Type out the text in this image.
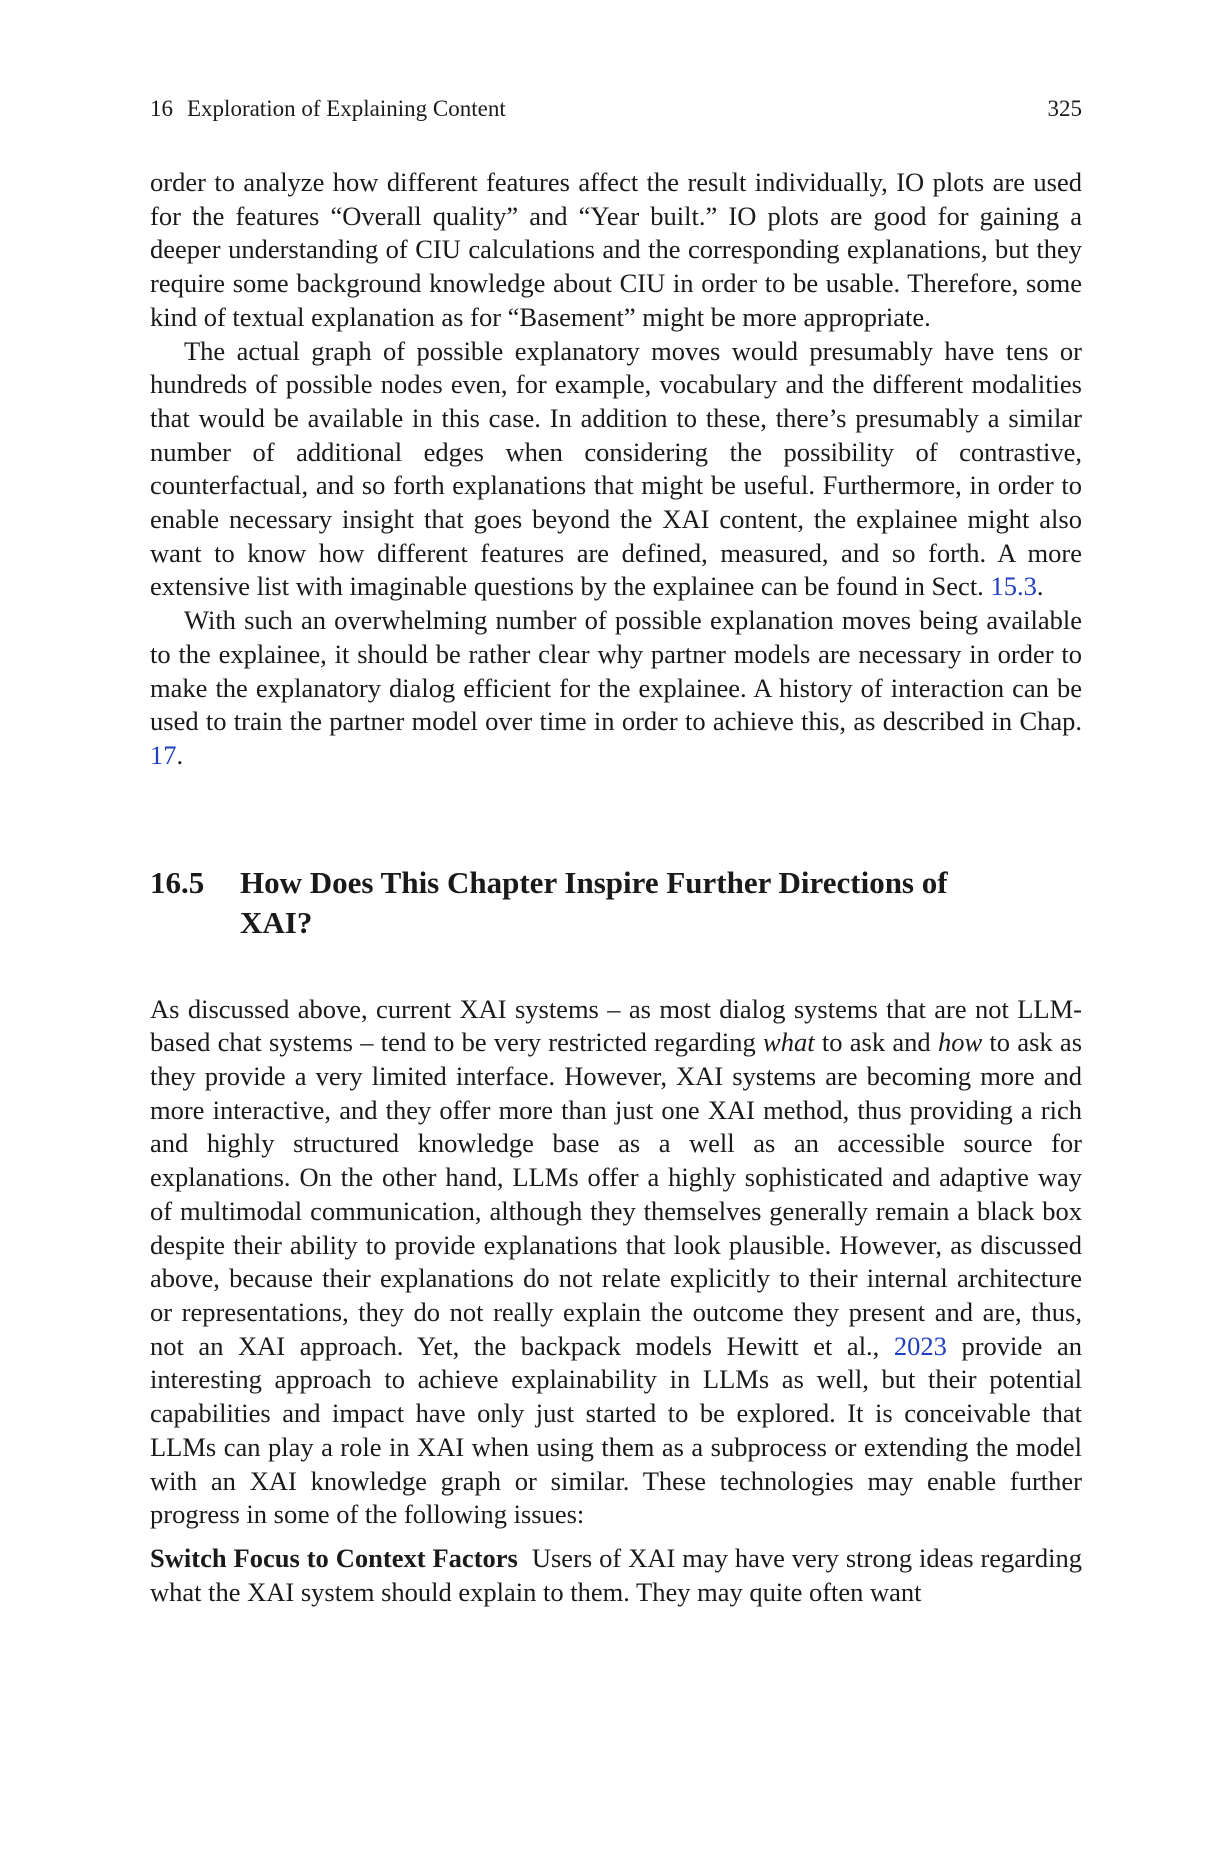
16 Exploration of Explaining Content	325

order to analyze how different features affect the result individually, IO plots are used for the features “Overall quality” and “Year built.” IO plots are good for gaining a deeper understanding of CIU calculations and the corresponding explanations, but they require some background knowledge about CIU in order to be usable. Therefore, some kind of textual explanation as for “Basement” might be more appropriate.

The actual graph of possible explanatory moves would presumably have tens or hundreds of possible nodes even, for example, vocabulary and the different modalities that would be available in this case. In addition to these, there’s presumably a similar number of additional edges when considering the possibility of contrastive, counterfactual, and so forth explanations that might be useful. Furthermore, in order to enable necessary insight that goes beyond the XAI content, the explainee might also want to know how different features are defined, measured, and so forth. A more extensive list with imaginable questions by the explainee can be found in Sect. 15.3.

With such an overwhelming number of possible explanation moves being available to the explainee, it should be rather clear why partner models are necessary in order to make the explanatory dialog efficient for the explainee. A history of interaction can be used to train the partner model over time in order to achieve this, as described in Chap. 17.

16.5	How Does This Chapter Inspire Further Directions of XAI?

As discussed above, current XAI systems – as most dialog systems that are not LLM-based chat systems – tend to be very restricted regarding what to ask and how to ask as they provide a very limited interface. However, XAI systems are becoming more and more interactive, and they offer more than just one XAI method, thus providing a rich and highly structured knowledge base as a well as an accessible source for explanations. On the other hand, LLMs offer a highly sophisticated and adaptive way of multimodal communication, although they themselves generally remain a black box despite their ability to provide explanations that look plausible. However, as discussed above, because their explanations do not relate explicitly to their internal architecture or representations, they do not really explain the outcome they present and are, thus, not an XAI approach. Yet, the backpack models Hewitt et al., 2023 provide an interesting approach to achieve explainability in LLMs as well, but their potential capabilities and impact have only just started to be explored. It is conceivable that LLMs can play a role in XAI when using them as a subprocess or extending the model with an XAI knowledge graph or similar. These technologies may enable further progress in some of the following issues:

Switch Focus to Context Factors Users of XAI may have very strong ideas regarding what the XAI system should explain to them. They may quite often want
